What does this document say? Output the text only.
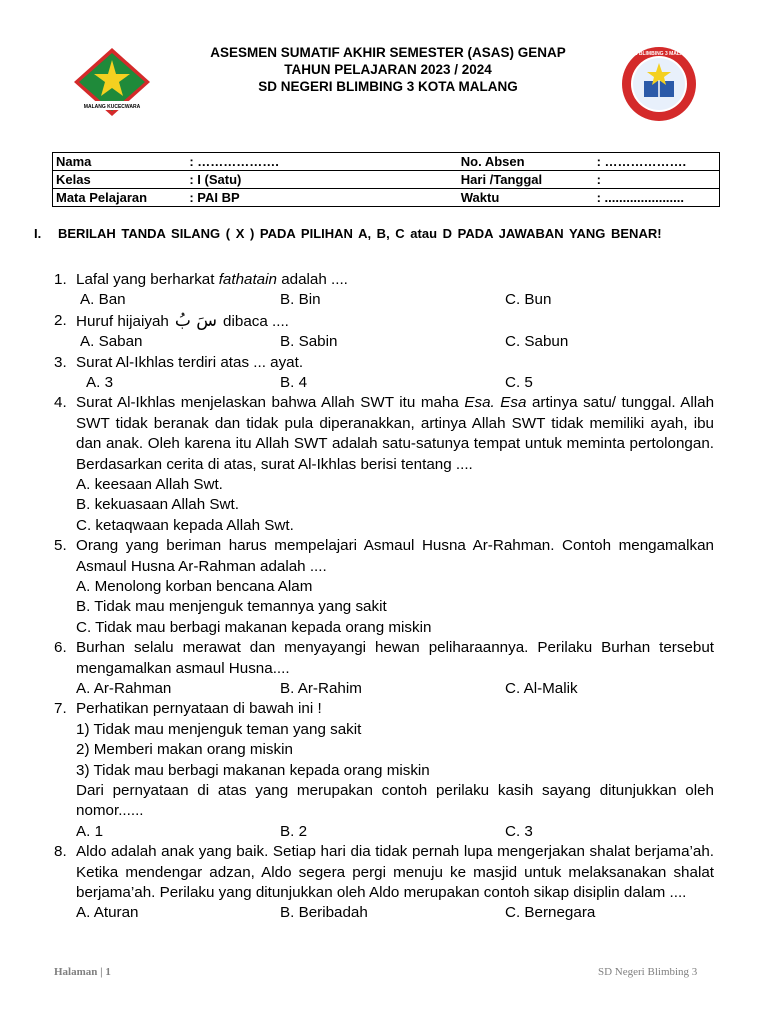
MALANG KUCECWARA
ASESMEN SUMATIF AKHIR SEMESTER (ASAS) GENAP
TAHUN PELAJARAN 2023 / 2024
SD NEGERI BLIMBING 3 KOTA MALANG
SDN BLIMBING 3 MALANG
Nama	: ……………….	No. Absen	: ……………….
Kelas	: I (Satu)	Hari /Tanggal	:
Mata Pelajaran	: PAI BP	Waktu	: ......................
I. BERILAH TANDA SILANG ( X ) PADA PILIHAN A, B, C atau D PADA JAWABAN YANG BENAR!
1. Lafal yang berharkat fathatain adalah ....
A. Ban	B. Bin	C. Bun
2. Huruf hijaiyah سَ بُ dibaca ....
A. Saban	B. Sabin	C. Sabun
3. Surat Al-Ikhlas terdiri atas ... ayat.
A. 3	B. 4	C. 5
4. Surat Al-Ikhlas menjelaskan bahwa Allah SWT itu maha Esa. Esa artinya satu/ tunggal. Allah SWT tidak beranak dan tidak pula diperanakkan, artinya Allah SWT tidak memiliki ayah, ibu dan anak. Oleh karena itu Allah SWT adalah satu-satunya tempat untuk meminta pertolongan. Berdasarkan cerita di atas, surat Al-Ikhlas berisi tentang ....
A. keesaan Allah Swt.
B. kekuasaan Allah Swt.
C. ketaqwaan kepada Allah Swt.
5. Orang yang beriman harus mempelajari Asmaul Husna Ar-Rahman. Contoh mengamalkan Asmaul Husna Ar-Rahman adalah ....
A. Menolong korban bencana Alam
B. Tidak mau menjenguk temannya yang sakit
C. Tidak mau berbagi makanan kepada orang miskin
6. Burhan selalu merawat dan menyayangi hewan peliharaannya. Perilaku Burhan tersebut mengamalkan asmaul Husna....
A. Ar-Rahman	B. Ar-Rahim	C. Al-Malik
7. Perhatikan pernyataan di bawah ini !
1) Tidak mau menjenguk teman yang sakit
2) Memberi makan orang miskin
3) Tidak mau berbagi makanan kepada orang miskin
Dari pernyataan di atas yang merupakan contoh perilaku kasih sayang ditunjukkan oleh nomor......
A. 1	B. 2	C. 3
8. Aldo adalah anak yang baik. Setiap hari dia tidak pernah lupa mengerjakan shalat berjama’ah. Ketika mendengar adzan, Aldo segera pergi menuju ke masjid untuk melaksanakan shalat berjama’ah. Perilaku yang ditunjukkan oleh Aldo merupakan contoh sikap disiplin dalam ....
A. Aturan	B. Beribadah	C. Bernegara
Halaman | 1	SD Negeri Blimbing 3
